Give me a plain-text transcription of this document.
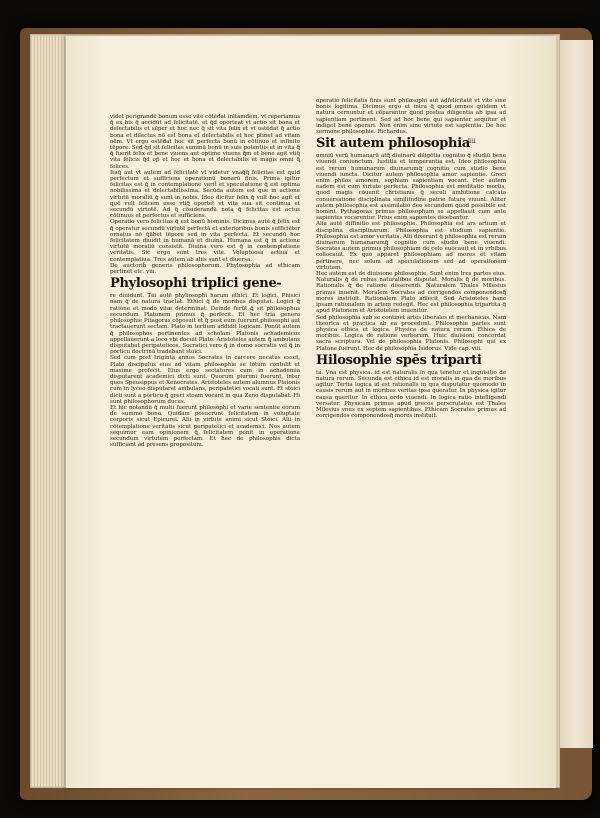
liii

videt perigrandē bonum esse vite cōtēdat inltamdem. vt reperiamus q̄ ex his q̄ accidūt ad felicitatē. et q̄d oporteat vt actio sit bona et delectabilis et sēper et hoc nec q̄ sit vita felix et vt ostēdat q̄ actio bona et dilectus nō est bona et delectabilis et hoc ptinet ad vitam oēm. Vt ergo ostēdat hoc sit perfecta bonū in cōtinuo et infinito tēpore. Sed q̄d sit felicitas summū bonū in suis potentiis et in vita q̄ q̄ fuerit felix et bene viuens aut optime viuens q̄m et bene agit vtiq̄ vita felicis q̄d op̄ et hoc et bona et delectabilis et magis omni q̄ felices.

Itaq̄ aut vt autem ad felicitatē vt videtur vnaq̄q̄ felicitas est quid perfectum et sufficiens operationū bonarū finis. Prima igitur felicitas est q̄ in contemplatione verit̄ et speculatione q̄ est optima nobilissima et delectabilissima. Secūda autem est que in actione virtutū moraliū q̄ sunt in nobis. Ideo dicitur felix q̄ vult hoc agit et quē vult felicem esse vtiq̄ oportet vt vita sua sit continua et secundū virtutē. Ad q̄ cōsiderandū nota q̄ felicitas est actus cōtinuus et perfectus et sufficiens.

Operatio vero felicitas q̄ est bonū hominis. Dicimus autē q̄ felix est q̄ operatur secundū virtutē perfectā et exterioribus bonis sufficiēter ornatus nō q̄libet tēpore sed in vita perfecta. Et secundū hoc felicitatem diuidit in humanā et diuinā. Humana est q̄ in actione virtutū moraliū consistit. Diuina vero est q̄ in contemplatione veritatis. Sic ergo sunt tres vite. Voluptuosa actiua et contemplatiua. Tres autem ab aliis sunt et diuersa.

De auctorib̄ generis philosophorum. Phylosophia ad ethicam pertinet etc. viii.

Phylosophi triplici gene-

re diuidunt. Tiii autē phyliosophi harum ethici. Et logici. Phisici nam q̄ de natura tractat. Ethici q̄ de moribus disputat. Logici q̄ ratione et modo vitæ determinat. Deinde ferūt q̄ sit philosophus secundum Platonem primus q̄ perfecit. Et hec tria genera philosophie Pitagoras cōposuit et q̄ post eum fuerunt philosophi aut tractauerunt sectam. Plato in tertium addidit logicam. Ponūt autem q̄ philosophos pertinentes ad scholam Platonis achademicos appellauerunt a loco vbi docuit Plato. Aristoteles autem q̄ ambulans disputabat peripateticos. Socratici vero q̄ in domo socratis vel q̄ in porticu doctrinā tradebant stoici.

Sed cum post triginta annos Socrates in carcere necatus esset, Plato discipulus eius ad vitam philosophie se totum contulit et maxime profecit. Eius ergo sectatores cum in achademia disputarent academici dicti sunt. Quorum plurimi fuerunt, inter quos Speusippus et Xenocrates. Aristoteles autem alumnus Platonis cum in lyceo disputaret ambulans, peripatetici vocati sunt. Et stoici dicti sunt a porticu q̄ greci stoam vocant in qua Zeno disputabat. Hi sunt philosophorum duces.

Et hic notandū q̄ multi fuerunt philosophi et varie sententie eorum de summo bono. Quidam posuerunt felicitatem in voluptate corporis sicut Epicurei. Alii in virtute animi sicut Stoici. Alii in cōtemplatione veritatis sicut peripatetici et academici. Nos autem sequimur eam opinionem q̄ felicitatem ponit in operatione secundum virtutem perfectam. Et hec de philosophis dicta sufficiant ad presens propositum.

operatio felicitatis finis sunt philosophi aut adfelicitatē vt vite sine bonis legitima. Dicimus ergo et intra q̄ quod omnes quidem vt natura cernuntur et cōparantur quod postea diligentia ab ipsa ad sapientiam pertinent. Sed ad hoc bene qui sapienter sequitur et indiget bene operari. Non enim sine virtute est sapientia. De hoc sermone philosophie. Richardus.

Sit autem philosophia

omniū verū humanarū atq̄ diuinarū diligētia cognitio q̄ studiū bene viuendi coniunctum. Iustitia et temperantia est. Ideo philosophia est rerum humanarum diuinarumq̄ cognitio cum studio bene viuendi iuncta. Dicitur autem philosophia amor sapientie. Greci enim philos amorem, sophiam sapientiam vocant. Hec autem eadem est cum virtute perfecta. Philosophia est meditatio mortis, quod magis cōuenit christianis q̄ seculi ambitione calcata conuersatione disciplinata similitudine patrie futurę viuunt. Aliter autem philosophia est assimilatio deo secundum quod possibile est homini. Pythagoras primus philosophum se appellauit cum ante sapientes vocarentur. Prius enim sapientes dicebantur.

Alia autē diffinitio est philosophie. Philosophia est ars artium et disciplina disciplinarum. Philosophia est studium sapientie. Philosophia est amor veritatis. Alii dixerunt q̄ philosophia est rerum diuinarum humanarumq̄ cognitio cum studio bene viuendi. Socrates autem primus philosophiam de celo euocauit et in vrbibus collocauit. Ex quo apparet philosophiam ad mores et vitam pertinere, nec solum ad speculationem sed ad operationem virtutum.

Hec autem est de diuisione philosophie. Sunt enim tres partes eius. Naturalis q̄ de rebus naturalibus disputat. Moralis q̄ de moribus. Rationalis q̄ de ratione disserendi. Naturalem Thales Milesius primus inuenit. Moralem Socrates ad corrigendos componendosq̄ mores instituit. Rationalem Plato adiecit. Sed Aristoteles hanc ipsam rationalem in artem redegit. Hec est philosophia tripartita q̄ apud Platonem et Aristotelem inuenitur.

Sed philosophia sub se continet artes liberales et mechanicas. Nam theorica et practica ab ea procedunt. Philosophie partes sunt physica ethica et logica. Physica de natura rerum. Ethica de moribus. Logica de ratione verborum. Huic diuisioni concordat sacra scriptura. Vel de philosophia Platonis. Philosophi qui ex Platone fuerunt. Hec de philosophia Isidorus. Vide cap. viii.

Hilosophie spēs triparti

ta. Vna est physica. id est naturalis in qua tenetur et inquisitio de natura rerum. Secunda est ethica id est moralis in qua de moribus agitur. Tertia logica id est rationalis in qua disputatur quomodo in causis rerum aut in moribus veritas ipsa queratur. In physica igitur causa queritur. In ethica ordo viuendi. In logica ratio intelligendi versatur. Physicam primus apud grecos perscrutatus est Thales Milesius vnus ex septem sapientibus. Ethicam Socrates primus ad corrigendos componendosq̄ mores instituit.
